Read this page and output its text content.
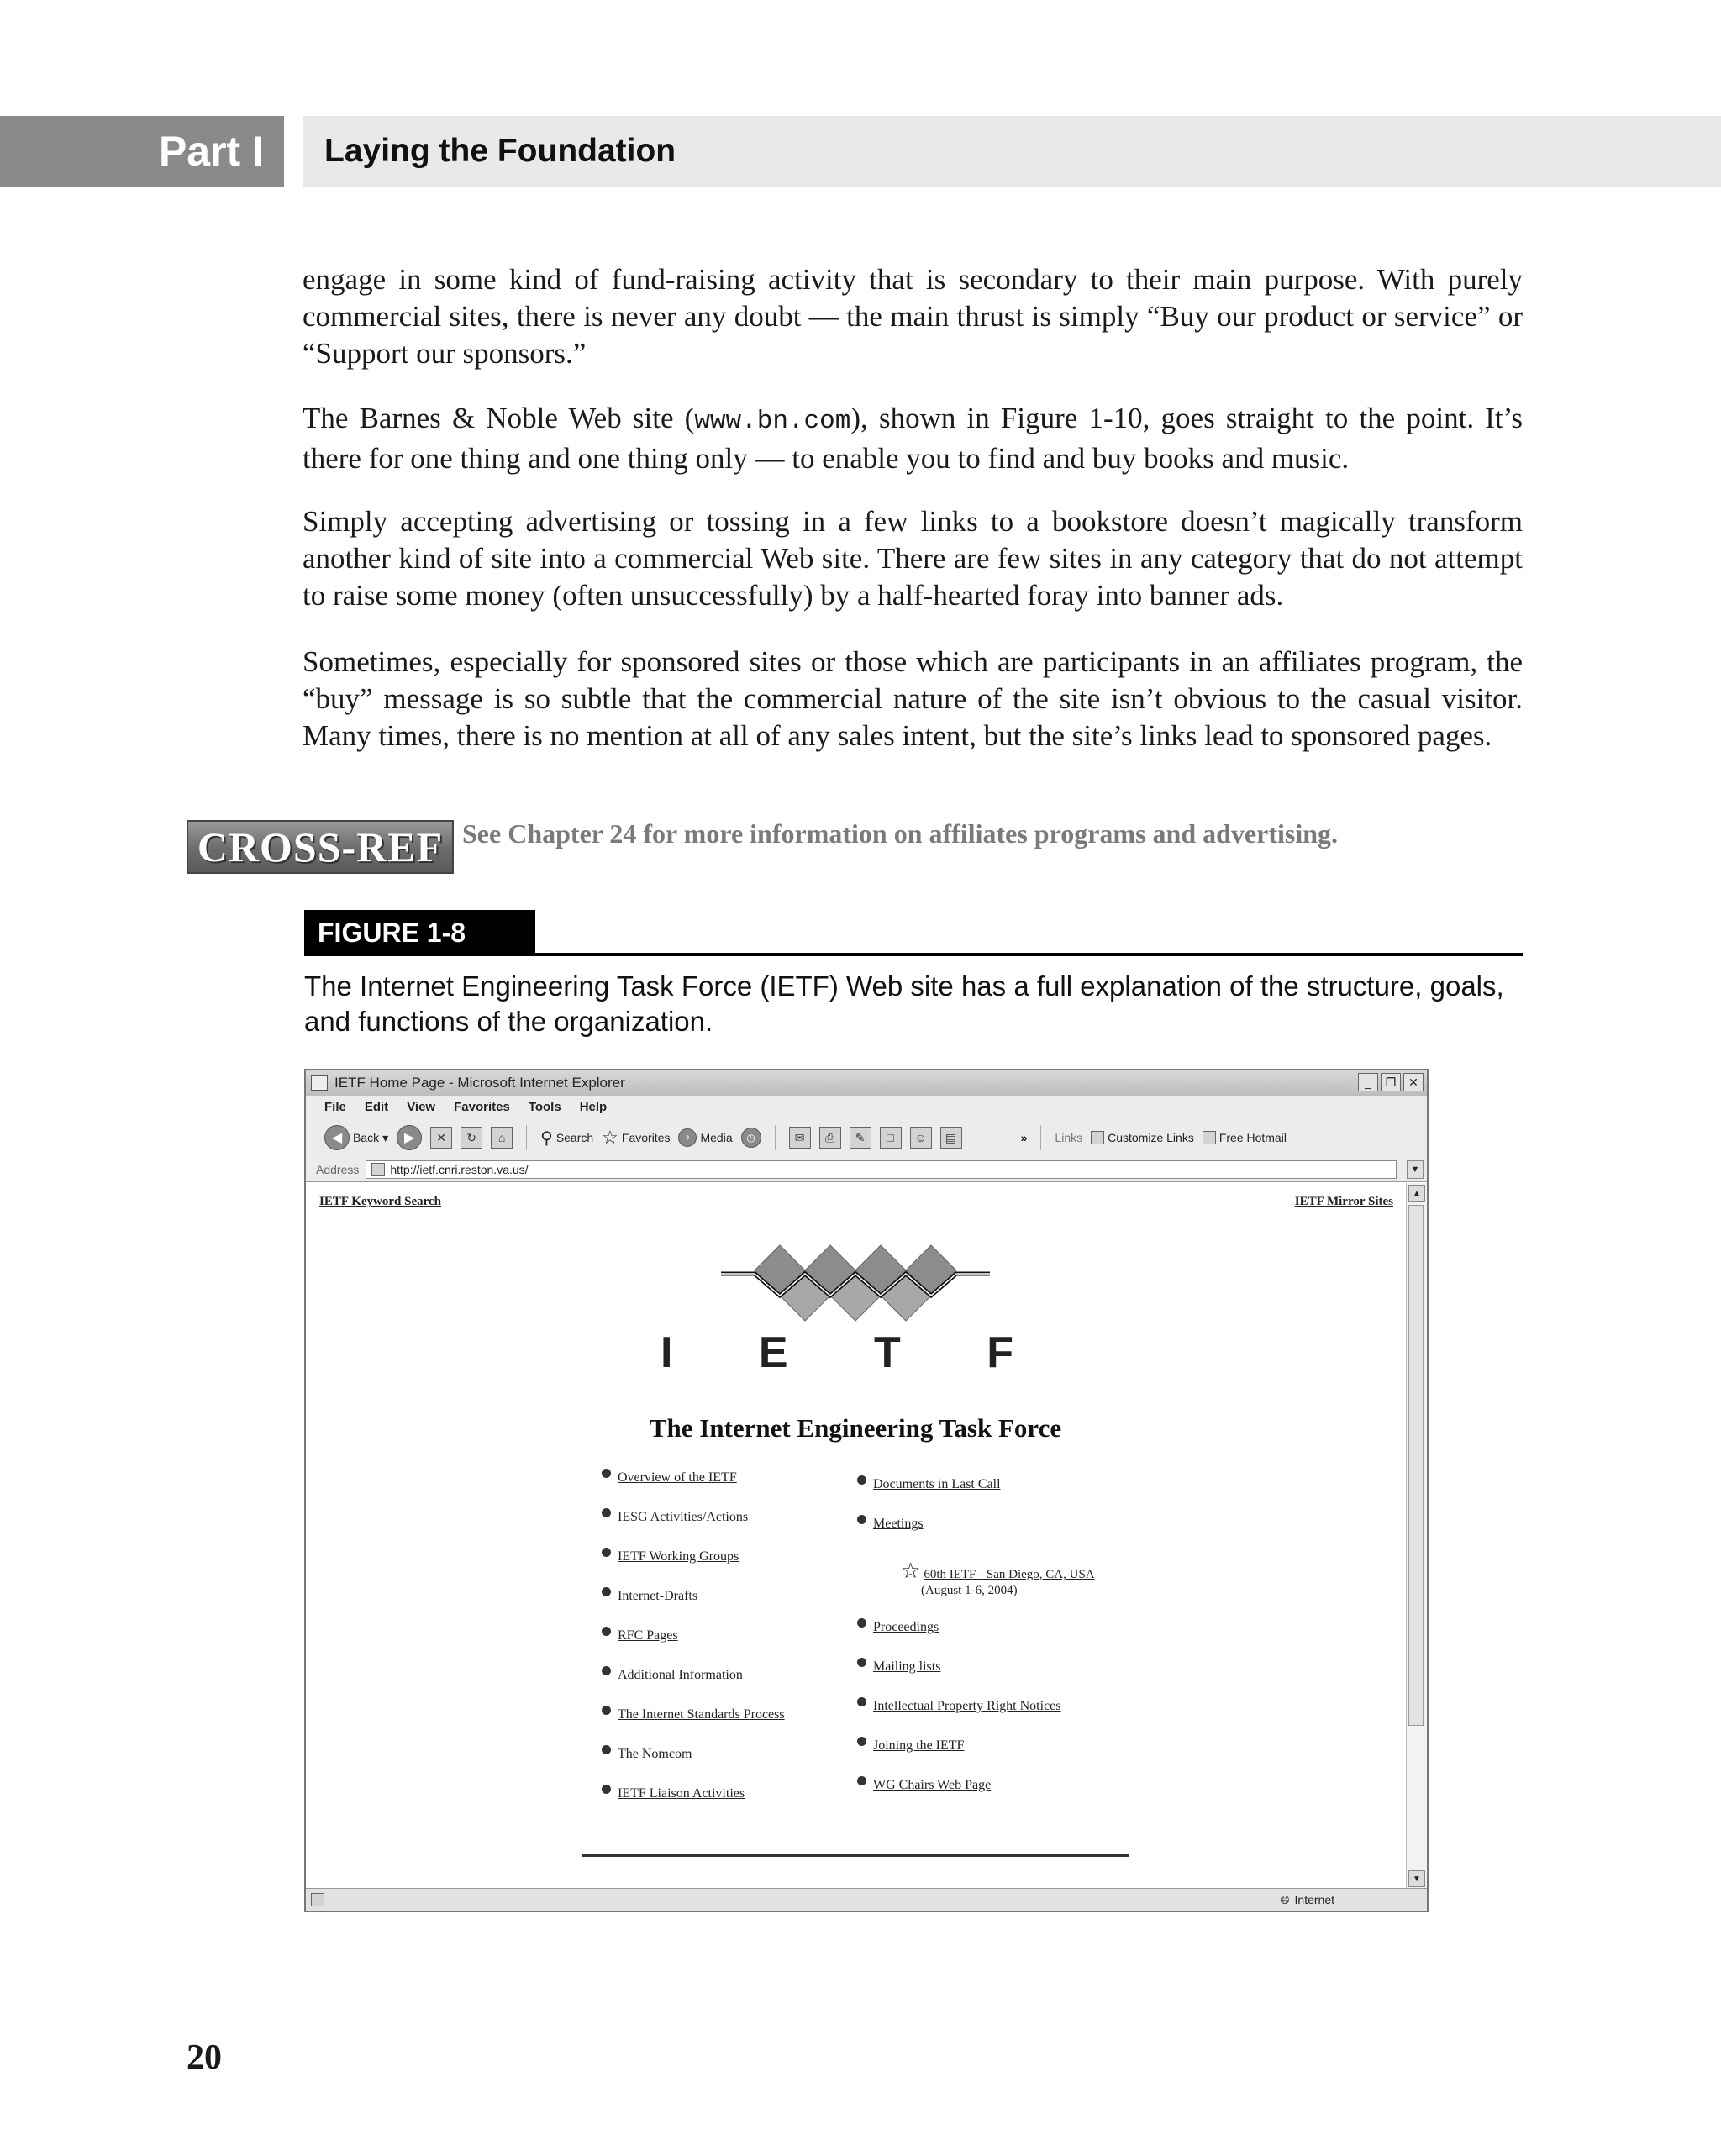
Part I	Laying the Foundation

engage in some kind of fund-raising activity that is secondary to their main purpose. With purely commercial sites, there is never any doubt — the main thrust is simply “Buy our product or service” or “Support our sponsors.”

The Barnes & Noble Web site (www.bn.com), shown in Figure 1-10, goes straight to the point. It’s there for one thing and one thing only — to enable you to find and buy books and music.

Simply accepting advertising or tossing in a few links to a bookstore doesn’t magically transform another kind of site into a commercial Web site. There are few sites in any category that do not attempt to raise some money (often unsuccessfully) by a half-hearted foray into banner ads.

Sometimes, especially for sponsored sites or those which are participants in an affiliates program, the “buy” message is so subtle that the commercial nature of the site isn’t obvious to the casual visitor. Many times, there is no mention at all of any sales intent, but the site’s links lead to sponsored pages.

CROSS-REF See Chapter 24 for more information on affiliates programs and advertising.
FIGURE 1-8
The Internet Engineering Task Force (IETF) Web site has a full explanation of the structure, goals, and functions of the organization.
IETF Home Page - Microsoft Internet Explorer	_	❐	✕
File Edit View Favorites Tools Help
◀ Back ▾	▶	✕	↻	⌂	⚲ Search ☆ Favorites	♪ Media	◷	✉	⎙	✎	□	☺	▤	» Links Customize Links Free Hotmail
Address	http://ietf.cnri.reston.va.us/	▼
IETF Keyword Search	IETF Mirror Sites
I E T F
The Internet Engineering Task Force
Overview of the IETF
IESG Activities/Actions
IETF Working Groups
Internet-Drafts
RFC Pages
Additional Information
The Internet Standards Process
The Nomcom
IETF Liaison Activities
Documents in Last Call
Meetings
☆ 60th IETF - San Diego, CA, USA
(August 1-6, 2004)
Proceedings
Mailing lists
Intellectual Property Right Notices
Joining the IETF
WG Chairs Web Page
▲
▼
🌐︎ Internet
20
